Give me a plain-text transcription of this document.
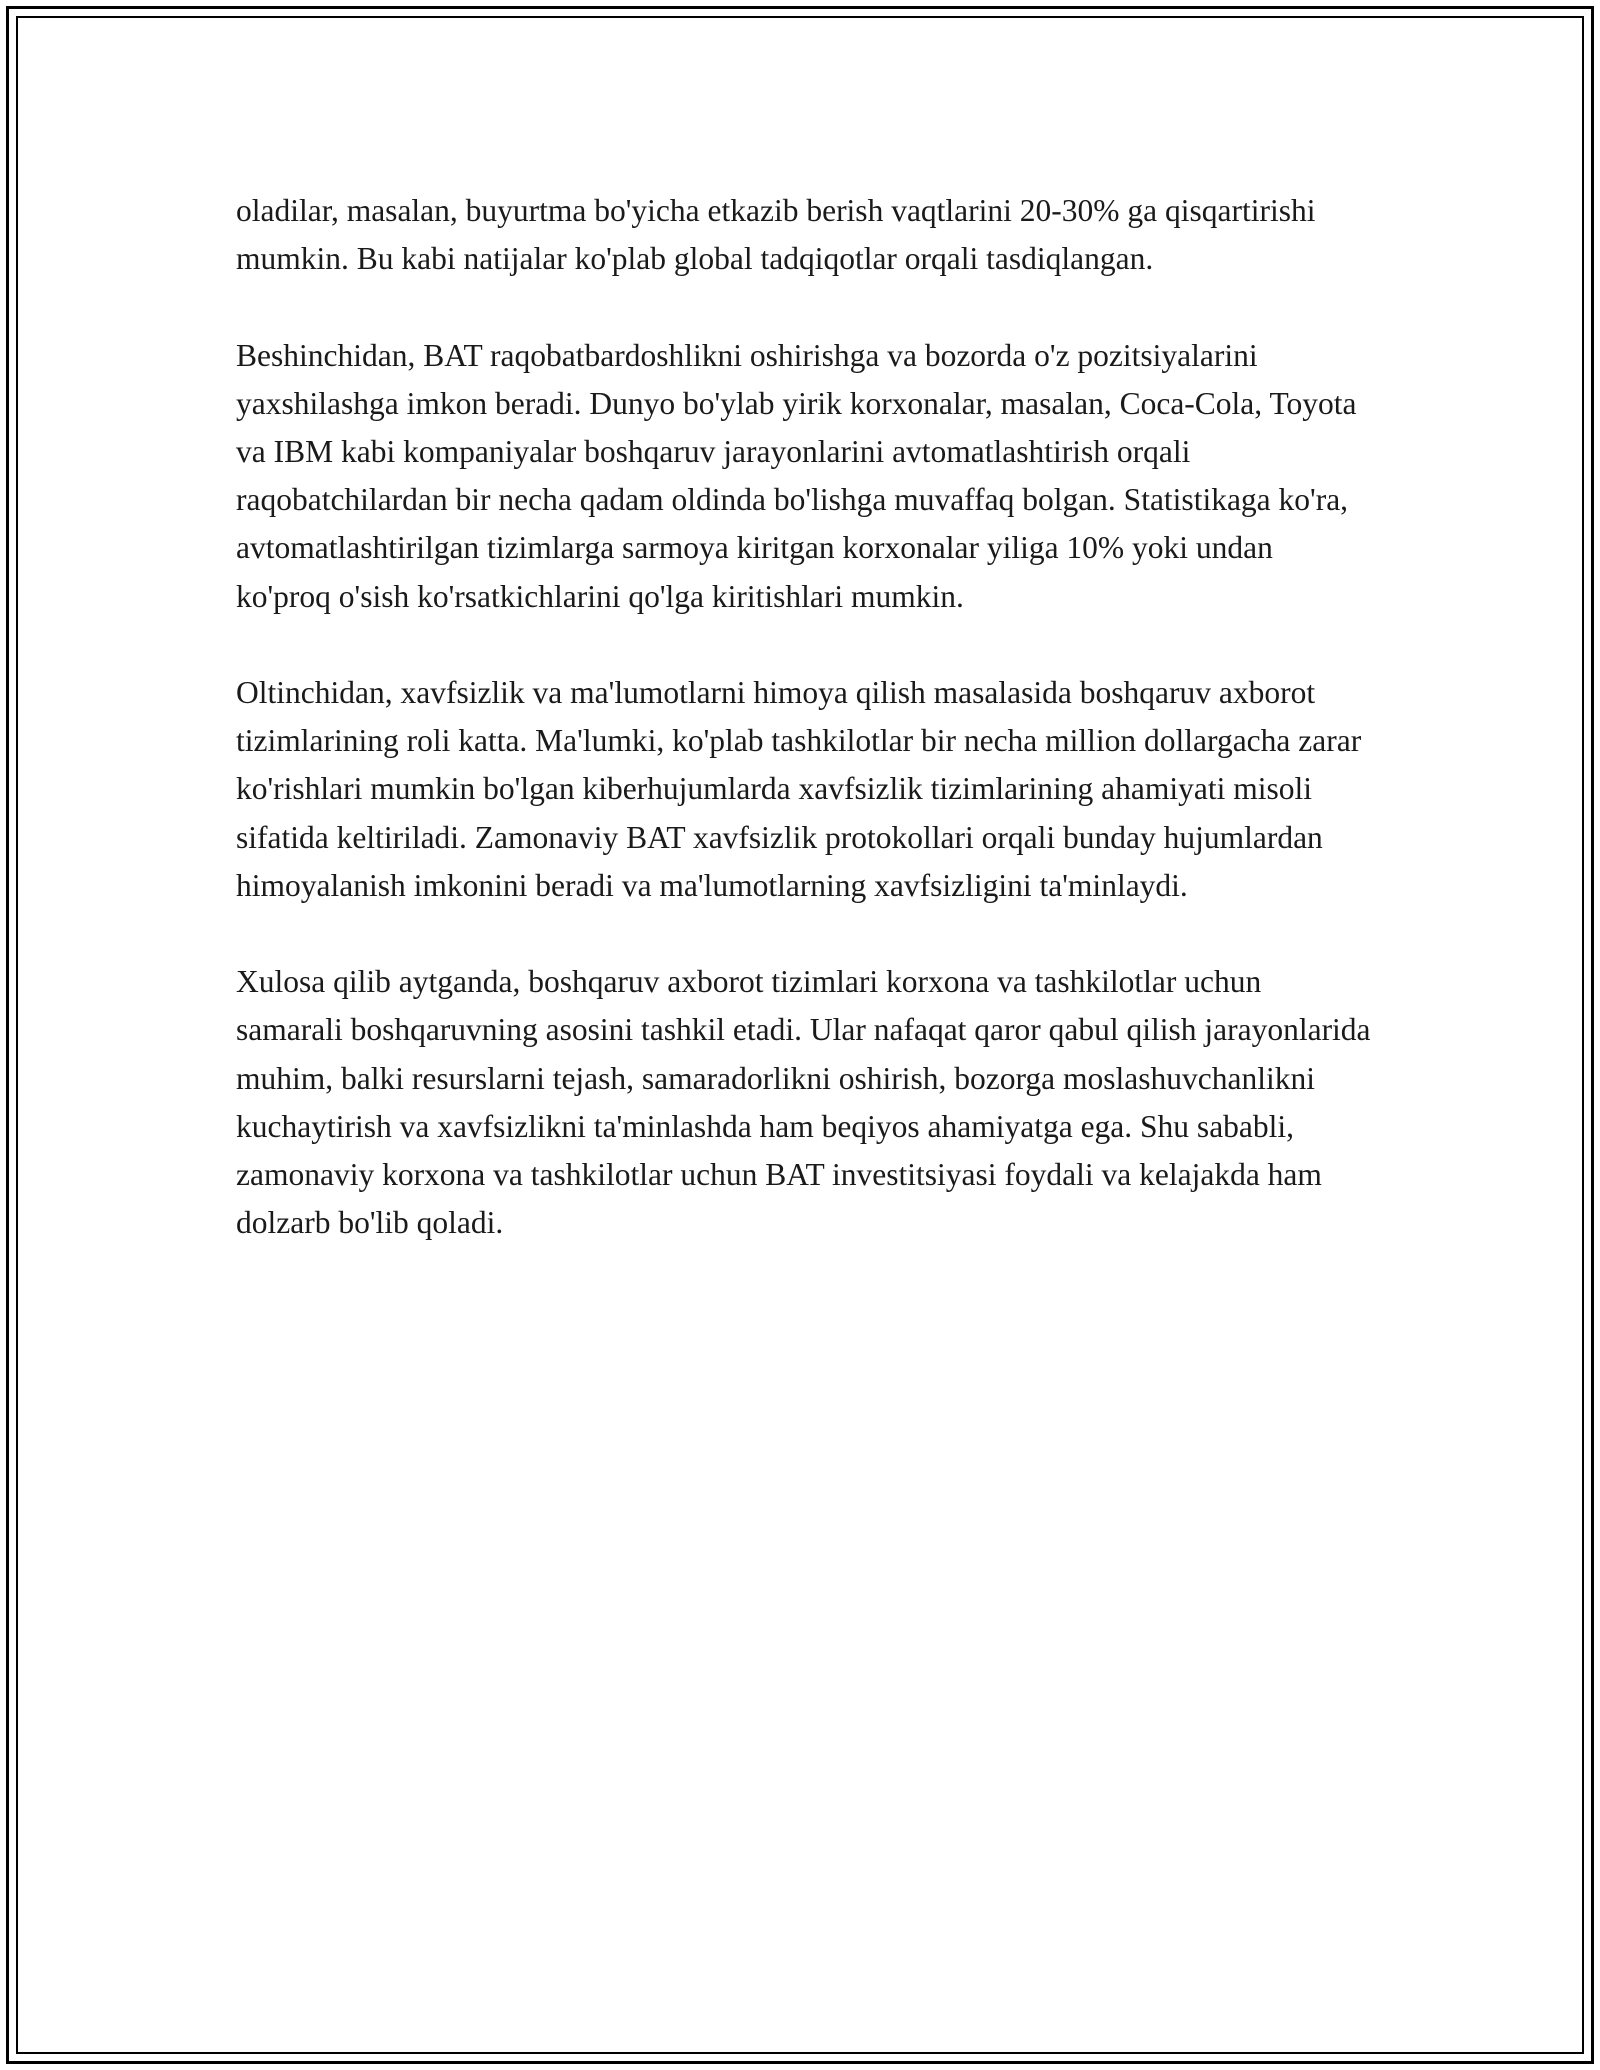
oladilar, masalan, buyurtma bo'yicha etkazib berish vaqtlarini 20-30% ga qisqartirishi mumkin. Bu kabi natijalar ko'plab global tadqiqotlar orqali tasdiqlangan.

Beshinchidan, BAT raqobatbardoshlikni oshirishga va bozorda o'z pozitsiyalarini yaxshilashga imkon beradi. Dunyo bo'ylab yirik korxonalar, masalan, Coca-Cola, Toyota va IBM kabi kompaniyalar boshqaruv jarayonlarini avtomatlashtirish orqali raqobatchilardan bir necha qadam oldinda bo'lishga muvaffaq bolgan. Statistikaga ko'ra, avtomatlashtirilgan tizimlarga sarmoya kiritgan korxonalar yiliga 10% yoki undan ko'proq o'sish ko'rsatkichlarini qo'lga kiritishlari mumkin.

Oltinchidan, xavfsizlik va ma'lumotlarni himoya qilish masalasida boshqaruv axborot tizimlarining roli katta. Ma'lumki, ko'plab tashkilotlar bir necha million dollargacha zarar ko'rishlari mumkin bo'lgan kiberhujumlarda xavfsizlik tizimlarining ahamiyati misoli sifatida keltiriladi. Zamonaviy BAT xavfsizlik protokollari orqali bunday hujumlardan himoyalanish imkonini beradi va ma'lumotlarning xavfsizligini ta'minlaydi.

Xulosa qilib aytganda, boshqaruv axborot tizimlari korxona va tashkilotlar uchun samarali boshqaruvning asosini tashkil etadi. Ular nafaqat qaror qabul qilish jarayonlarida muhim, balki resurslarni tejash, samaradorlikni oshirish, bozorga moslashuvchanlikni kuchaytirish va xavfsizlikni ta'minlashda ham beqiyos ahamiyatga ega. Shu sababli, zamonaviy korxona va tashkilotlar uchun BAT investitsiyasi foydali va kelajakda ham dolzarb bo'lib qoladi.
